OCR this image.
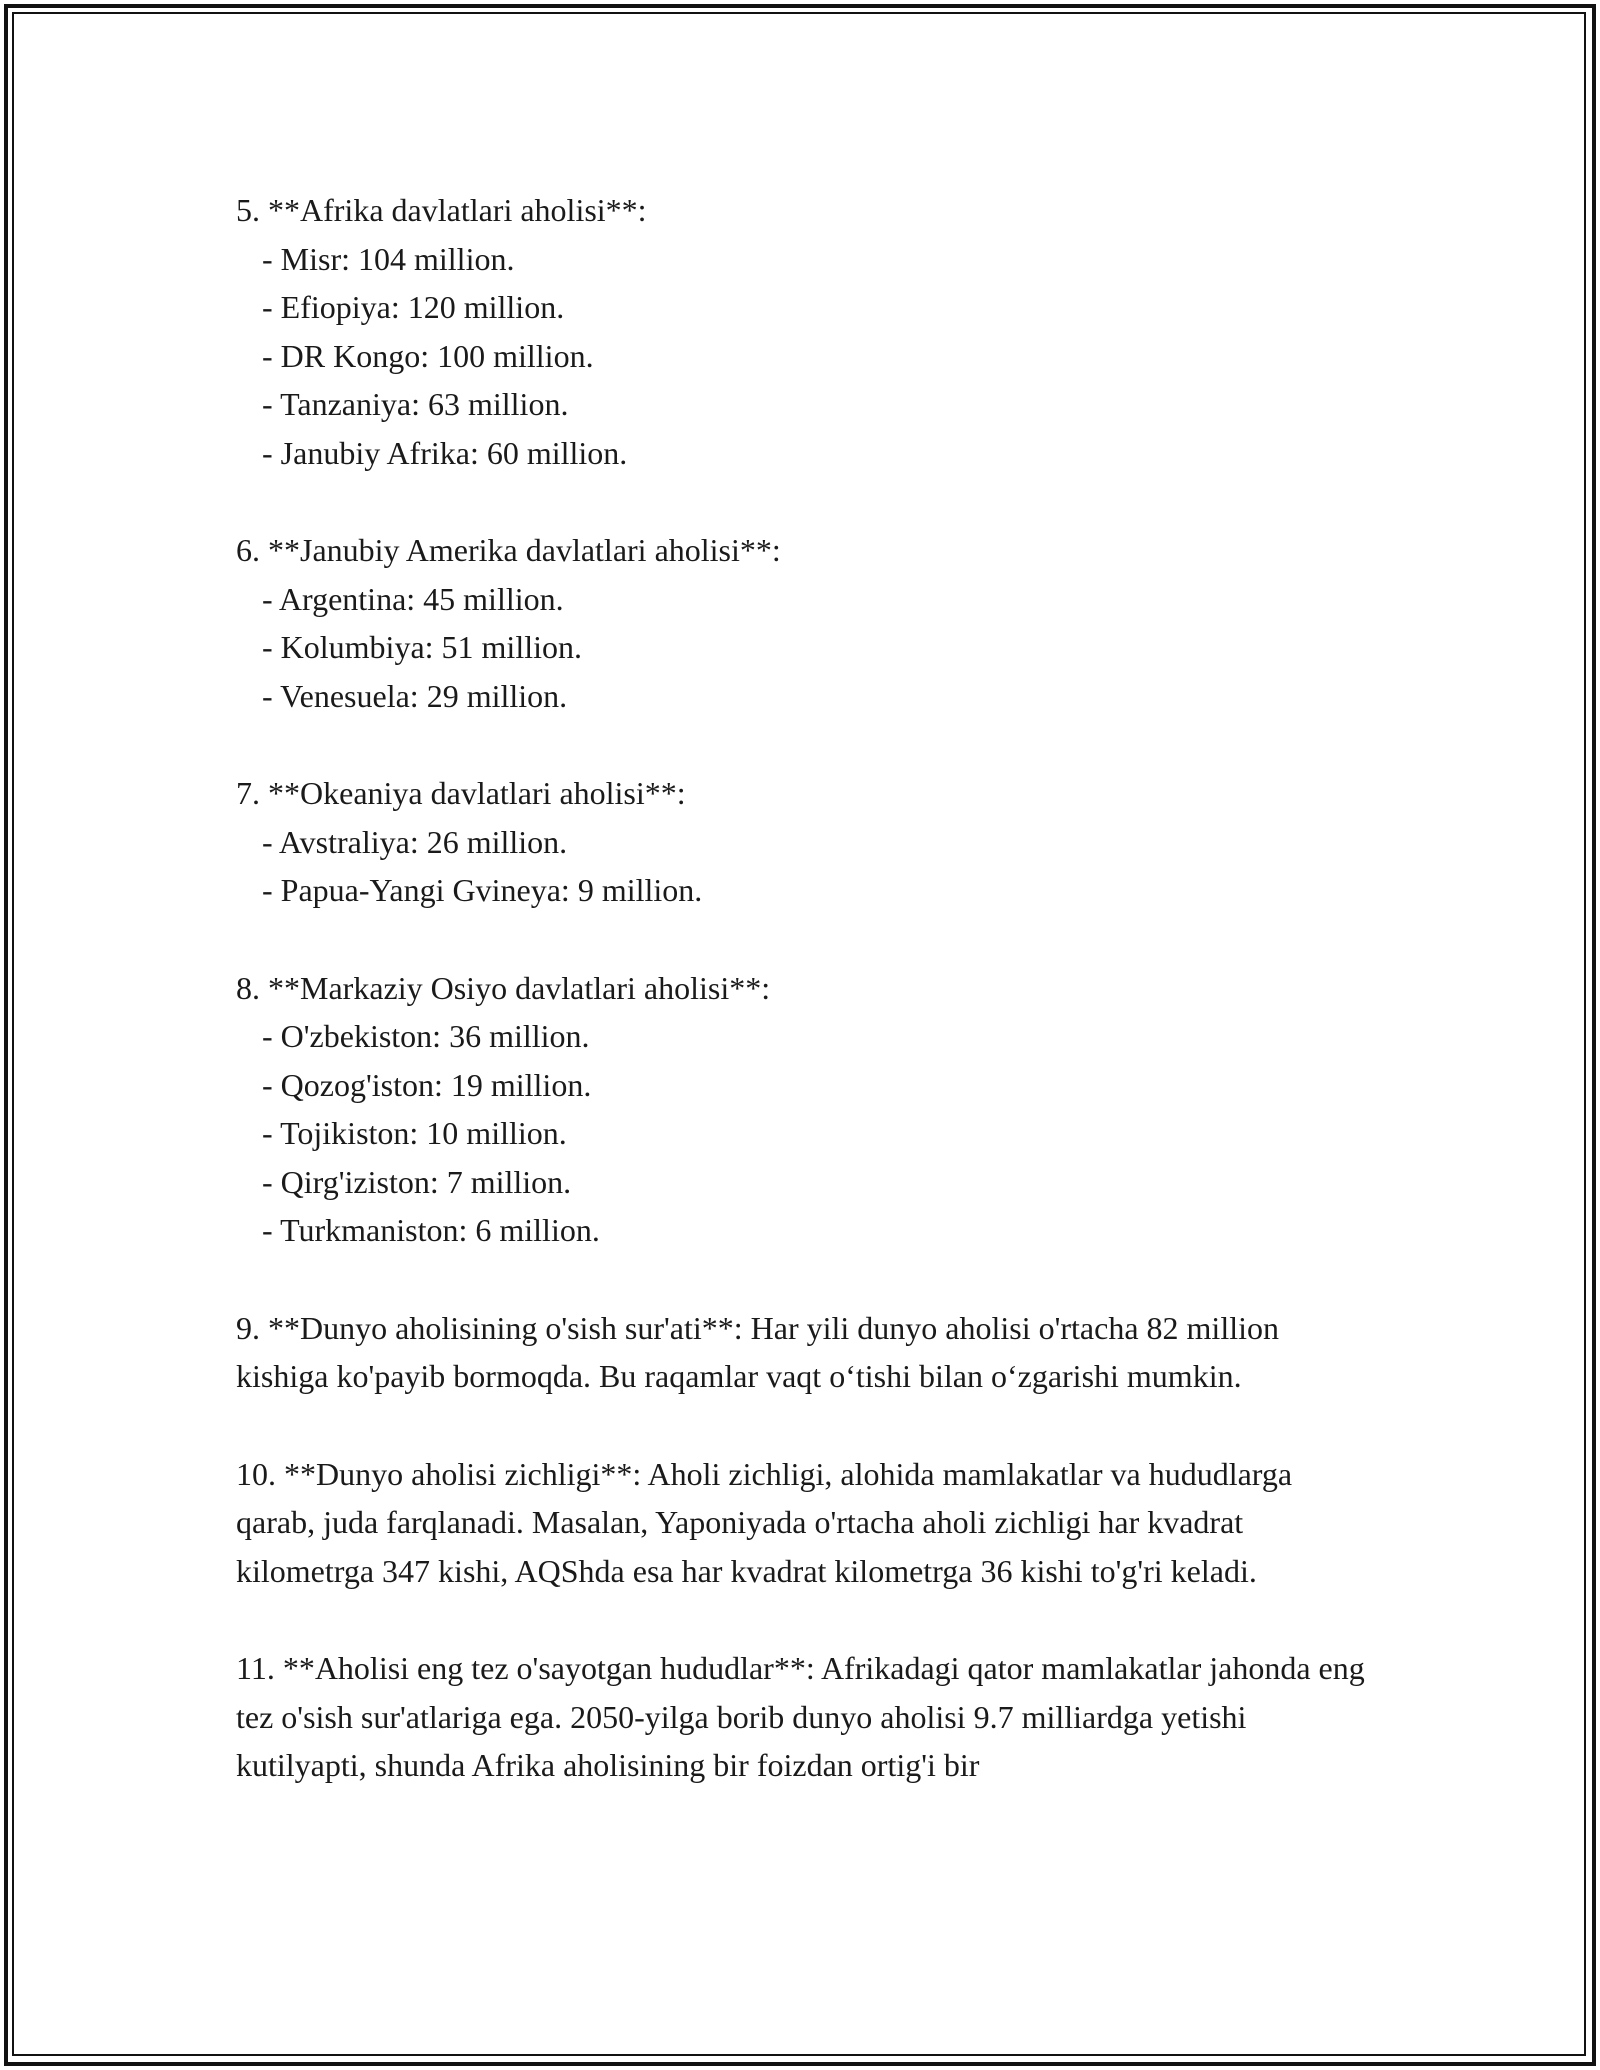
5. **Afrika davlatlari aholisi**:
- Misr: 104 million.
- Efiopiya: 120 million.
- DR Kongo: 100 million.
- Tanzaniya: 63 million.
- Janubiy Afrika: 60 million.
6. **Janubiy Amerika davlatlari aholisi**:
- Argentina: 45 million.
- Kolumbiya: 51 million.
- Venesuela: 29 million.
7. **Okeaniya davlatlari aholisi**:
- Avstraliya: 26 million.
- Papua-Yangi Gvineya: 9 million.
8. **Markaziy Osiyo davlatlari aholisi**:
- O'zbekiston: 36 million.
- Qozog'iston: 19 million.
- Tojikiston: 10 million.
- Qirg'iziston: 7 million.
- Turkmaniston: 6 million.
9. **Dunyo aholisining o'sish sur'ati**: Har yili dunyo aholisi o'rtacha 82 million kishiga ko'payib bormoqda. Bu raqamlar vaqt o‘tishi bilan o‘zgarishi mumkin.
10. **Dunyo aholisi zichligi**: Aholi zichligi, alohida mamlakatlar va hududlarga qarab, juda farqlanadi. Masalan, Yaponiyada o'rtacha aholi zichligi har kvadrat kilometrga 347 kishi, AQShda esa har kvadrat kilometrga 36 kishi to'g'ri keladi.
11. **Aholisi eng tez o'sayotgan hududlar**: Afrikadagi qator mamlakatlar jahonda eng tez o'sish sur'atlariga ega. 2050-yilga borib dunyo aholisi 9.7 milliardga yetishi kutilyapti, shunda Afrika aholisining bir foizdan ortig'i bir
